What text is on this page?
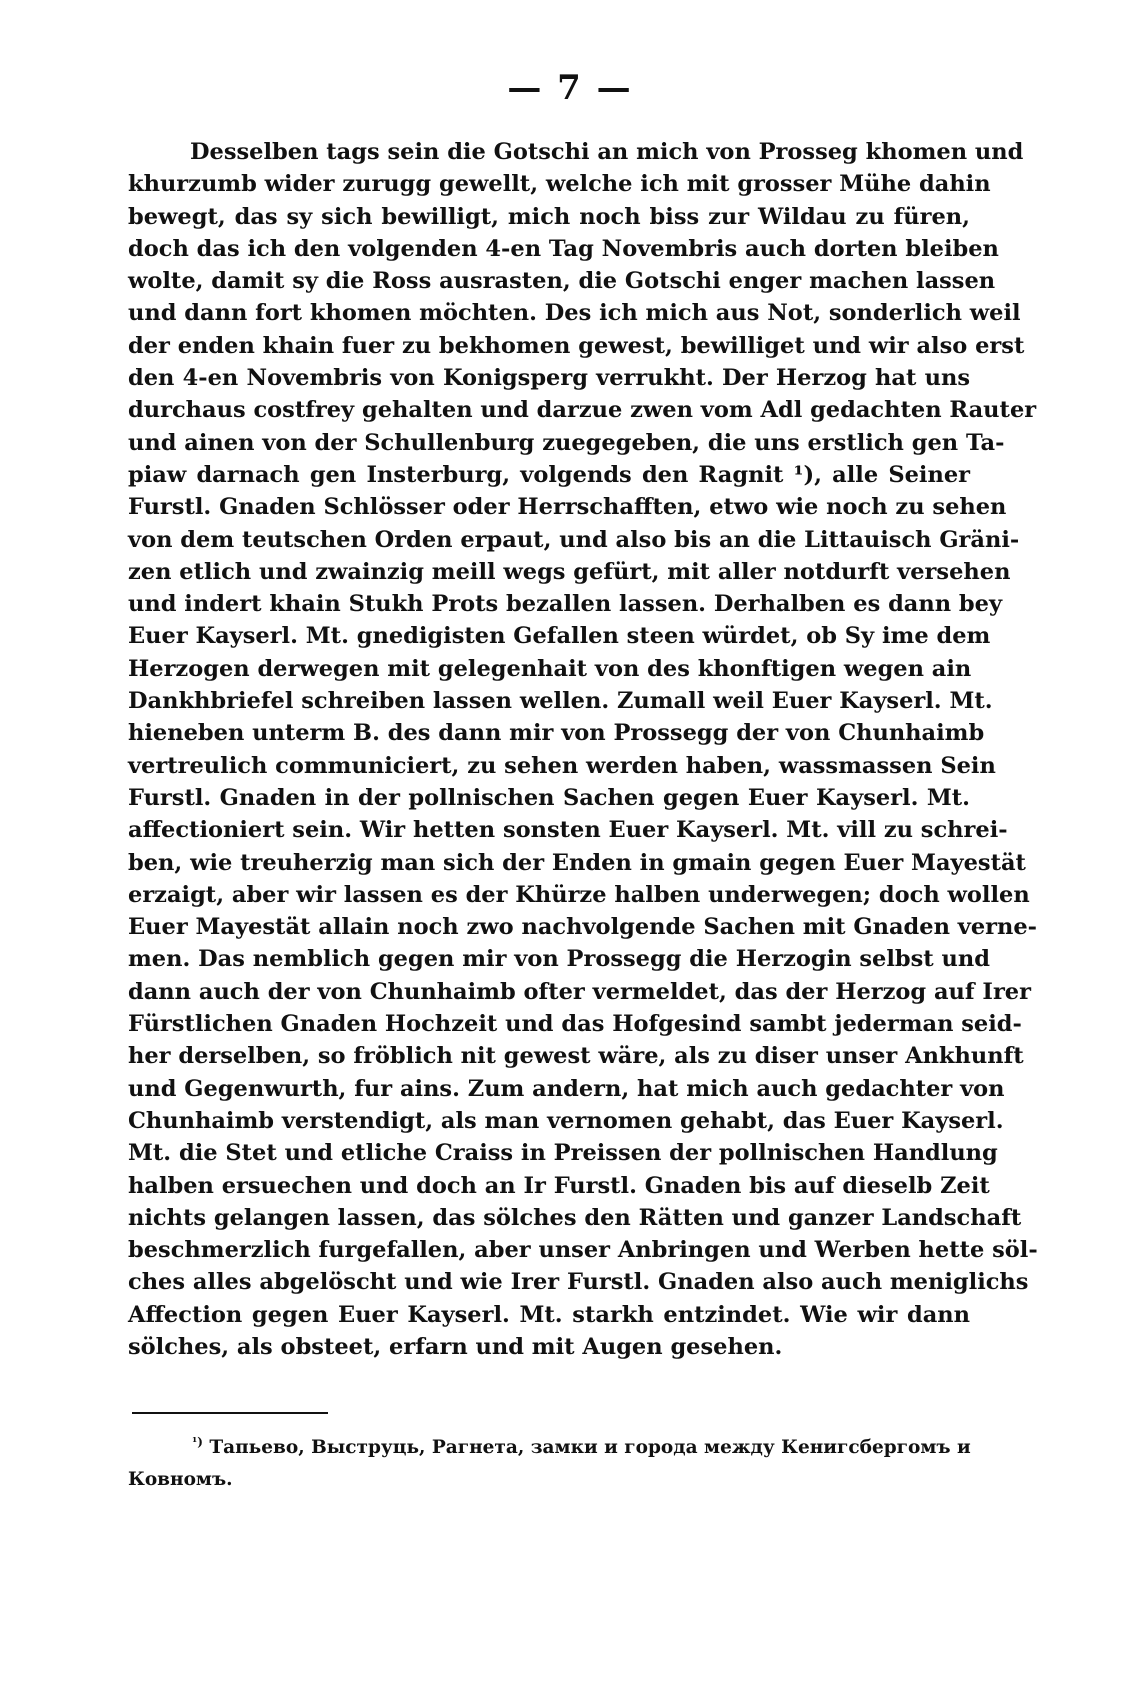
— 7 —
Desselben tags sein die Gotschi an mich von Prosseg khomen und
khurzumb wider zurugg gewellt, welche ich mit grosser Mühe dahin
bewegt, das sy sich bewilligt, mich noch biss zur Wildau zu füren,
doch das ich den volgenden 4-en Tag Novembris auch dorten bleiben
wolte, damit sy die Ross ausrasten, die Gotschi enger machen lassen
und dann fort khomen möchten. Des ich mich aus Not, sonderlich weil
der enden khain fuer zu bekhomen gewest, bewilliget und wir also erst
den 4-en Novembris von Konigsperg verrukht. Der Herzog hat uns
durchaus costfrey gehalten und darzue zwen vom Adl gedachten Rauter
und ainen von der Schullenburg zuegegeben, die uns erstlich gen Ta-
piaw darnach gen Insterburg, volgends den Ragnit ¹), alle Seiner
Furstl. Gnaden Schlösser oder Herrschafften, etwo wie noch zu sehen
von dem teutschen Orden erpaut, und also bis an die Littauisch Gräni-
zen etlich und zwainzig meill wegs gefürt, mit aller notdurft versehen
und indert khain Stukh Prots bezallen lassen. Derhalben es dann bey
Euer Kayserl. Mt. gnedigisten Gefallen steen würdet, ob Sy ime dem
Herzogen derwegen mit gelegenhait von des khonftigen wegen ain
Dankhbriefel schreiben lassen wellen. Zumall weil Euer Kayserl. Mt.
hieneben unterm B. des dann mir von Prossegg der von Chunhaimb
vertreulich communiciert, zu sehen werden haben, wassmassen Sein
Furstl. Gnaden in der pollnischen Sachen gegen Euer Kayserl. Mt.
affectioniert sein. Wir hetten sonsten Euer Kayserl. Mt. vill zu schrei-
ben, wie treuherzig man sich der Enden in gmain gegen Euer Mayestät
erzaigt, aber wir lassen es der Khürze halben underwegen; doch wollen
Euer Mayestät allain noch zwo nachvolgende Sachen mit Gnaden verne-
men. Das nemblich gegen mir von Prossegg die Herzogin selbst und
dann auch der von Chunhaimb ofter vermeldet, das der Herzog auf Irer
Fürstlichen Gnaden Hochzeit und das Hofgesind sambt jederman seid-
her derselben, so fröblich nit gewest wäre, als zu diser unser Ankhunft
und Gegenwurth, fur ains. Zum andern, hat mich auch gedachter von
Chunhaimb verstendigt, als man vernomen gehabt, das Euer Kayserl.
Mt. die Stet und etliche Craiss in Preissen der pollnischen Handlung
halben ersuechen und doch an Ir Furstl. Gnaden bis auf dieselb Zeit
nichts gelangen lassen, das sölches den Rätten und ganzer Landschaft
beschmerzlich furgefallen, aber unser Anbringen und Werben hette söl-
ches alles abgelöscht und wie Irer Furstl. Gnaden also auch meniglichs
Affection gegen Euer Kayserl. Mt. starkh entzindet. Wie wir dann
sölches, als obsteet, erfarn und mit Augen gesehen.
$^{^1)}$ Тапьево, Выструць, Рагнета, замки и города между Кенигсбергомъ и
Ковномъ.
